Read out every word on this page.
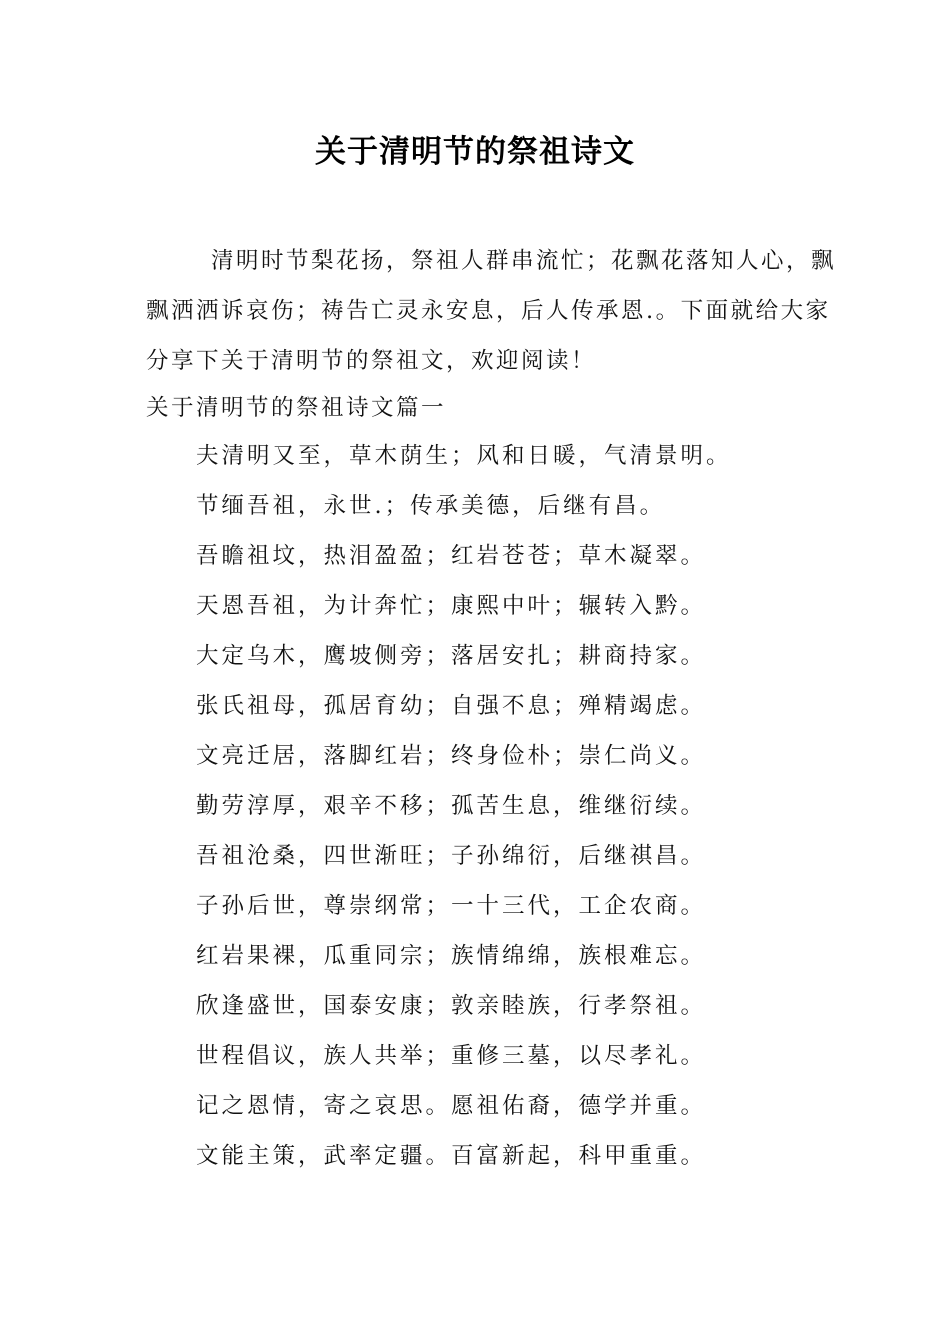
关于清明节的祭祖诗文

清明时节梨花扬，祭祖人群串流忙；花飘花落知人心，飘飘洒洒诉哀伤；祷告亡灵永安息，后人传承恩.。下面就给大家分享下关于清明节的祭祖文，欢迎阅读！

关于清明节的祭祖诗文篇一
夫清明又至，草木荫生；风和日暖，气清景明。
节缅吾祖，永世.；传承美德，后继有昌。
吾瞻祖坟，热泪盈盈；红岩苍苍；草木凝翠。
天恩吾祖，为计奔忙；康熙中叶；辗转入黔。
大定乌木，鹰坡侧旁；落居安扎；耕商持家。
张氏祖母，孤居育幼；自强不息；殚精竭虑。
文亮迁居，落脚红岩；终身俭朴；崇仁尚义。
勤劳淳厚，艰辛不移；孤苦生息，维继衍续。
吾祖沧桑，四世渐旺；子孙绵衍，后继祺昌。
子孙后世，尊崇纲常；一十三代，工企农商。
红岩果裸，瓜重同宗；族情绵绵，族根难忘。
欣逢盛世，国泰安康；敦亲睦族，行孝祭祖。
世程倡议，族人共举；重修三墓，以尽孝礼。
记之恩情，寄之哀思。愿祖佑裔，德学并重。
文能主策，武率定疆。百富新起，科甲重重。
